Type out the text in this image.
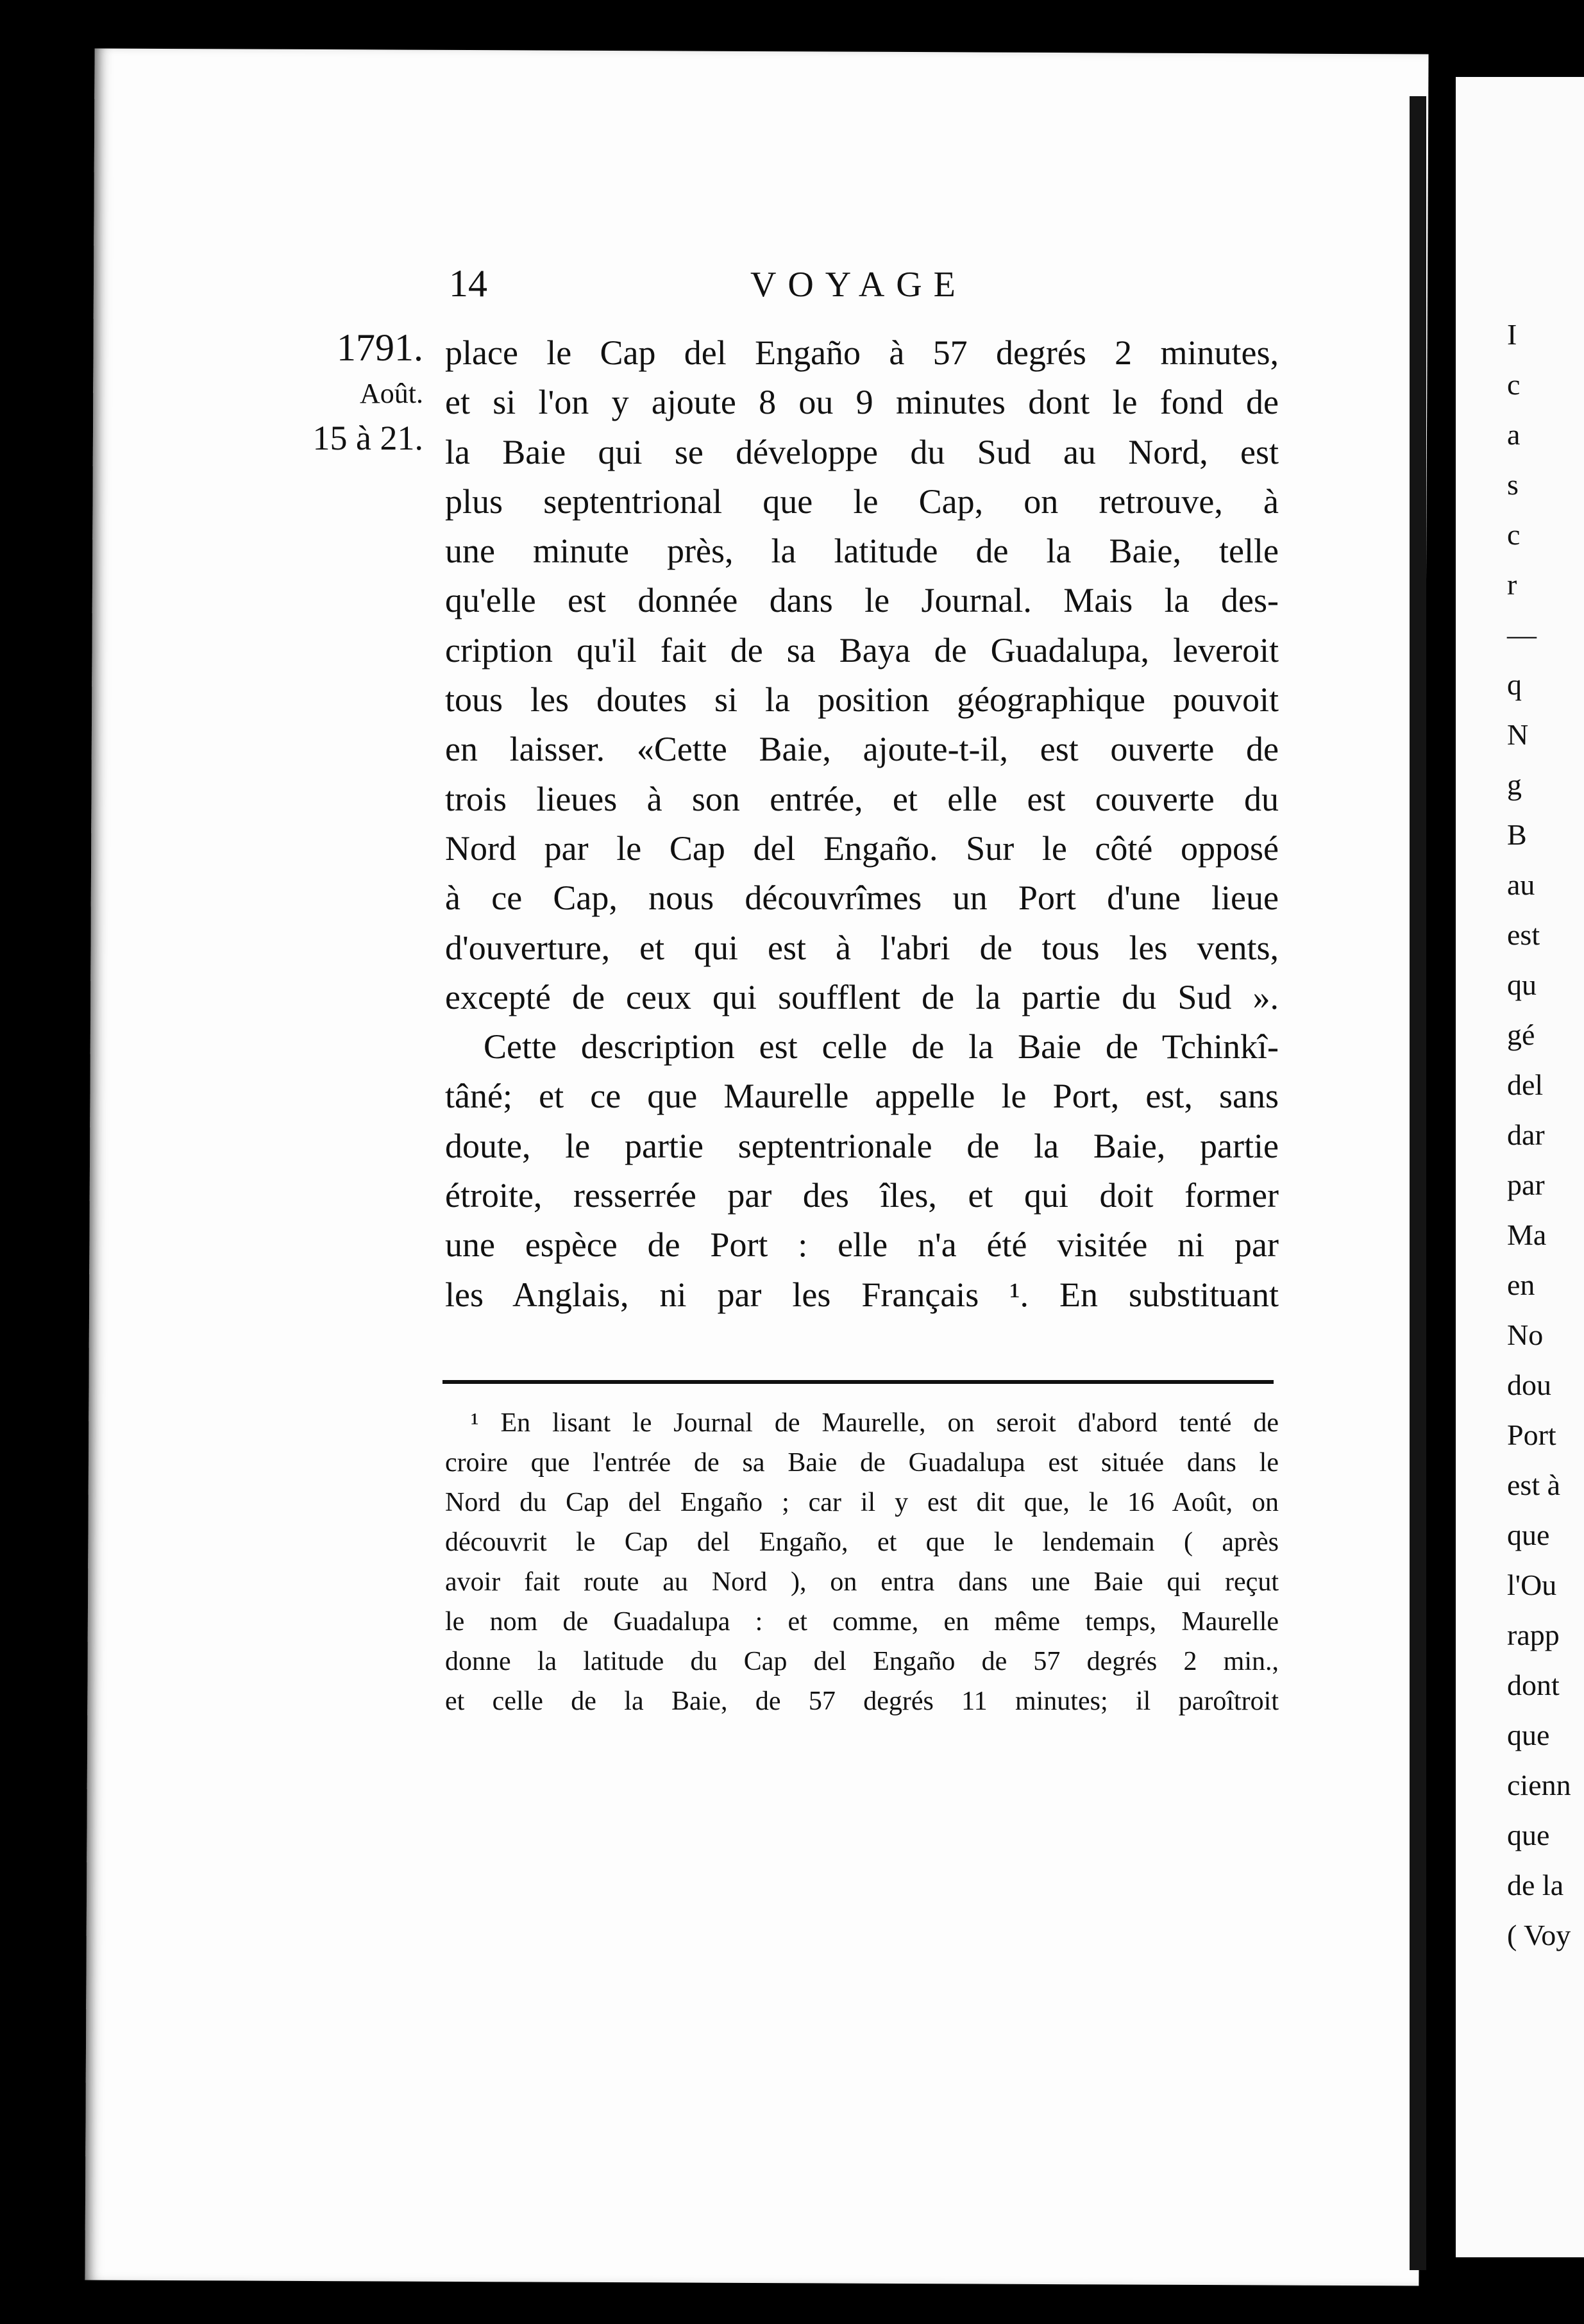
14	VOYAGE
1791.
Août.
15 à 21.

place le Cap del Engaño à 57 degrés 2 minutes,

et si l'on y ajoute 8 ou 9 minutes dont le fond de

la Baie qui se développe du Sud au Nord, est

plus septentrional que le Cap, on retrouve, à

une minute près, la latitude de la Baie, telle

qu'elle est donnée dans le Journal. Mais la des-

cription qu'il fait de sa Baya de Guadalupa, leveroit

tous les doutes si la position géographique pouvoit

en laisser. «Cette Baie, ajoute-t-il, est ouverte de

trois lieues à son entrée, et elle est couverte du

Nord par le Cap del Engaño. Sur le côté opposé

à ce Cap, nous découvrîmes un Port d'une lieue

d'ouverture, et qui est à l'abri de tous les vents,

excepté de ceux qui soufflent de la partie du Sud ».

Cette description est celle de la Baie de Tchinkî-

tâné; et ce que Maurelle appelle le Port, est, sans

doute, le partie septentrionale de la Baie, partie

étroite, resserrée par des îles, et qui doit former

une espèce de Port : elle n'a été visitée ni par

les Anglais, ni par les Français ¹. En substituant

¹ En lisant le Journal de Maurelle, on seroit d'abord tenté de

croire que l'entrée de sa Baie de Guadalupa est située dans le

Nord du Cap del Engaño ; car il y est dit que, le 16 Août, on

découvrit le Cap del Engaño, et que le lendemain ( après

avoir fait route au Nord ), on entra dans une Baie qui reçut

le nom de Guadalupa : et comme, en même temps, Maurelle

donne la latitude du Cap del Engaño de 57 degrés 2 min.,

et celle de la Baie, de 57 degrés 11 minutes; il paroîtroit

I
c
a
s
c
r
—
q
N
g
B
au
est
qu
gé
del
dar
par
Ma
en
No
dou
Port
est à
que
l'Ou
rapp
dont
que
cienn
que
de la
( Voy
